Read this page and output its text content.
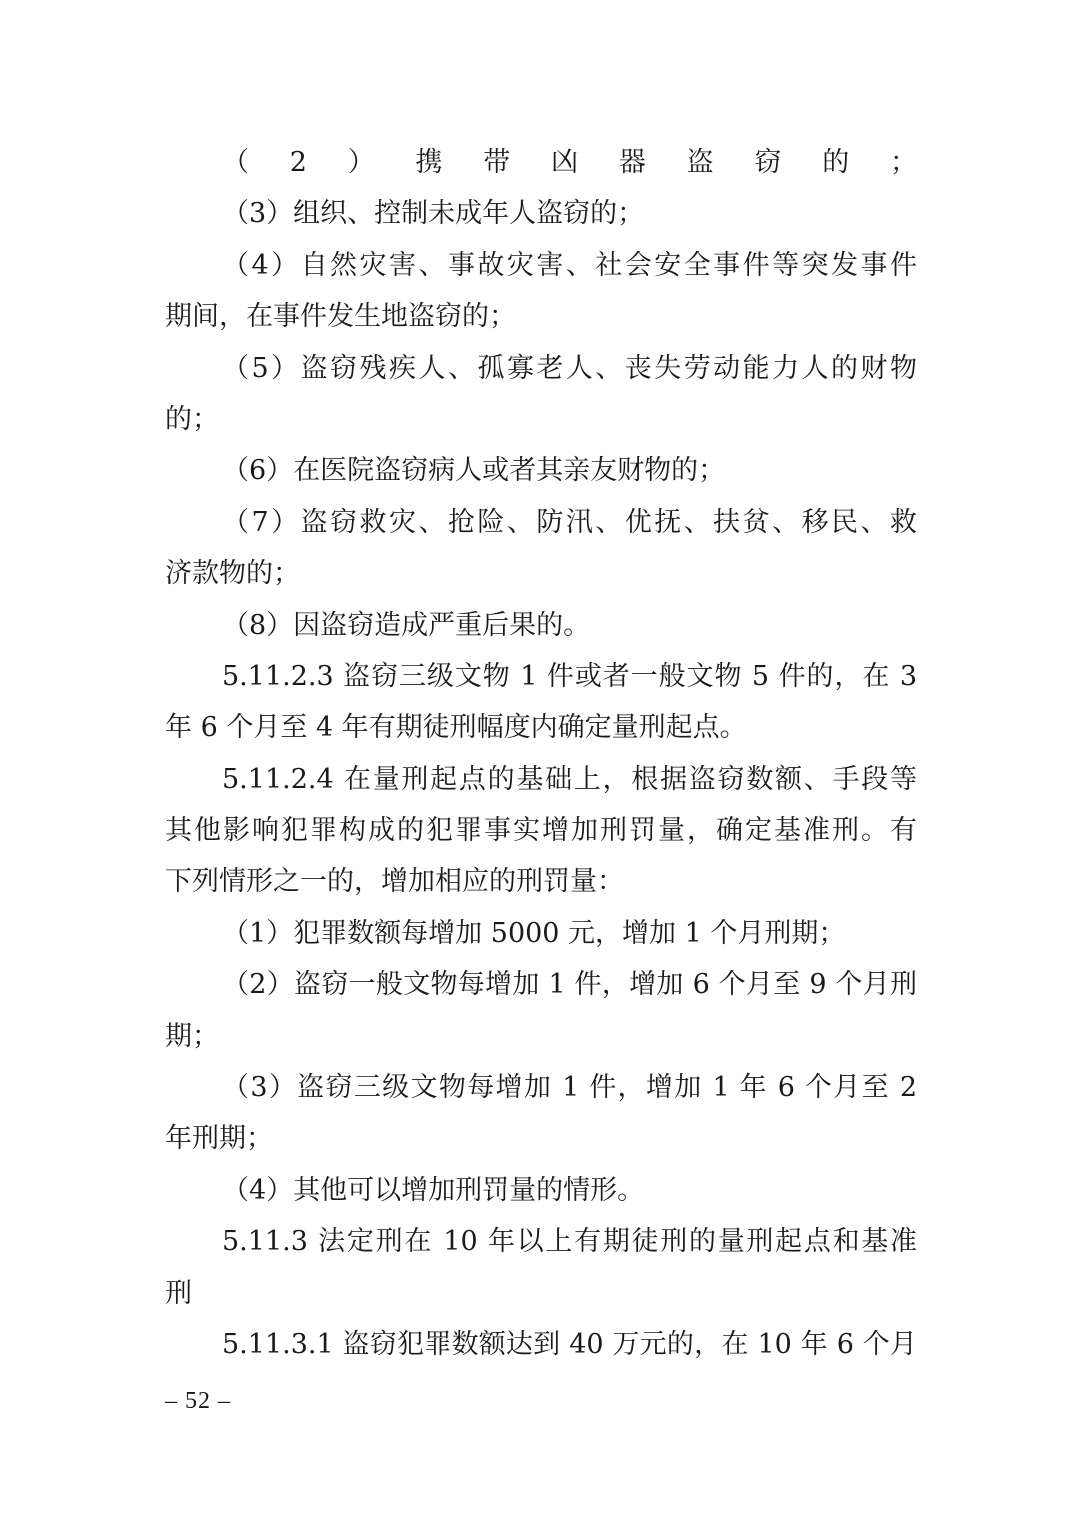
（2）携带凶器盗窃的；
（3）组织、控制未成年人盗窃的；
（4）自然灾害、事故灾害、社会安全事件等突发事件
期间，在事件发生地盗窃的；
（5）盗窃残疾人、孤寡老人、丧失劳动能力人的财物
的；
（6）在医院盗窃病人或者其亲友财物的；
（7）盗窃救灾、抢险、防汛、优抚、扶贫、移民、救
济款物的；
（8）因盗窃造成严重后果的。
5.11.2.3 盗窃三级文物 1 件或者一般文物 5 件的，在 3
年 6 个月至 4 年有期徒刑幅度内确定量刑起点。
5.11.2.4 在量刑起点的基础上，根据盗窃数额、手段等
其他影响犯罪构成的犯罪事实增加刑罚量，确定基准刑。有
下列情形之一的，增加相应的刑罚量：
（1）犯罪数额每增加 5000 元，增加 1 个月刑期；
（2）盗窃一般文物每增加 1 件，增加 6 个月至 9 个月刑
期；
（3）盗窃三级文物每增加 1 件，增加 1 年 6 个月至 2
年刑期；
（4）其他可以增加刑罚量的情形。
5.11.3 法定刑在 10 年以上有期徒刑的量刑起点和基准
刑
5.11.3.1 盗窃犯罪数额达到 40 万元的，在 10 年 6 个月
– 52 –
